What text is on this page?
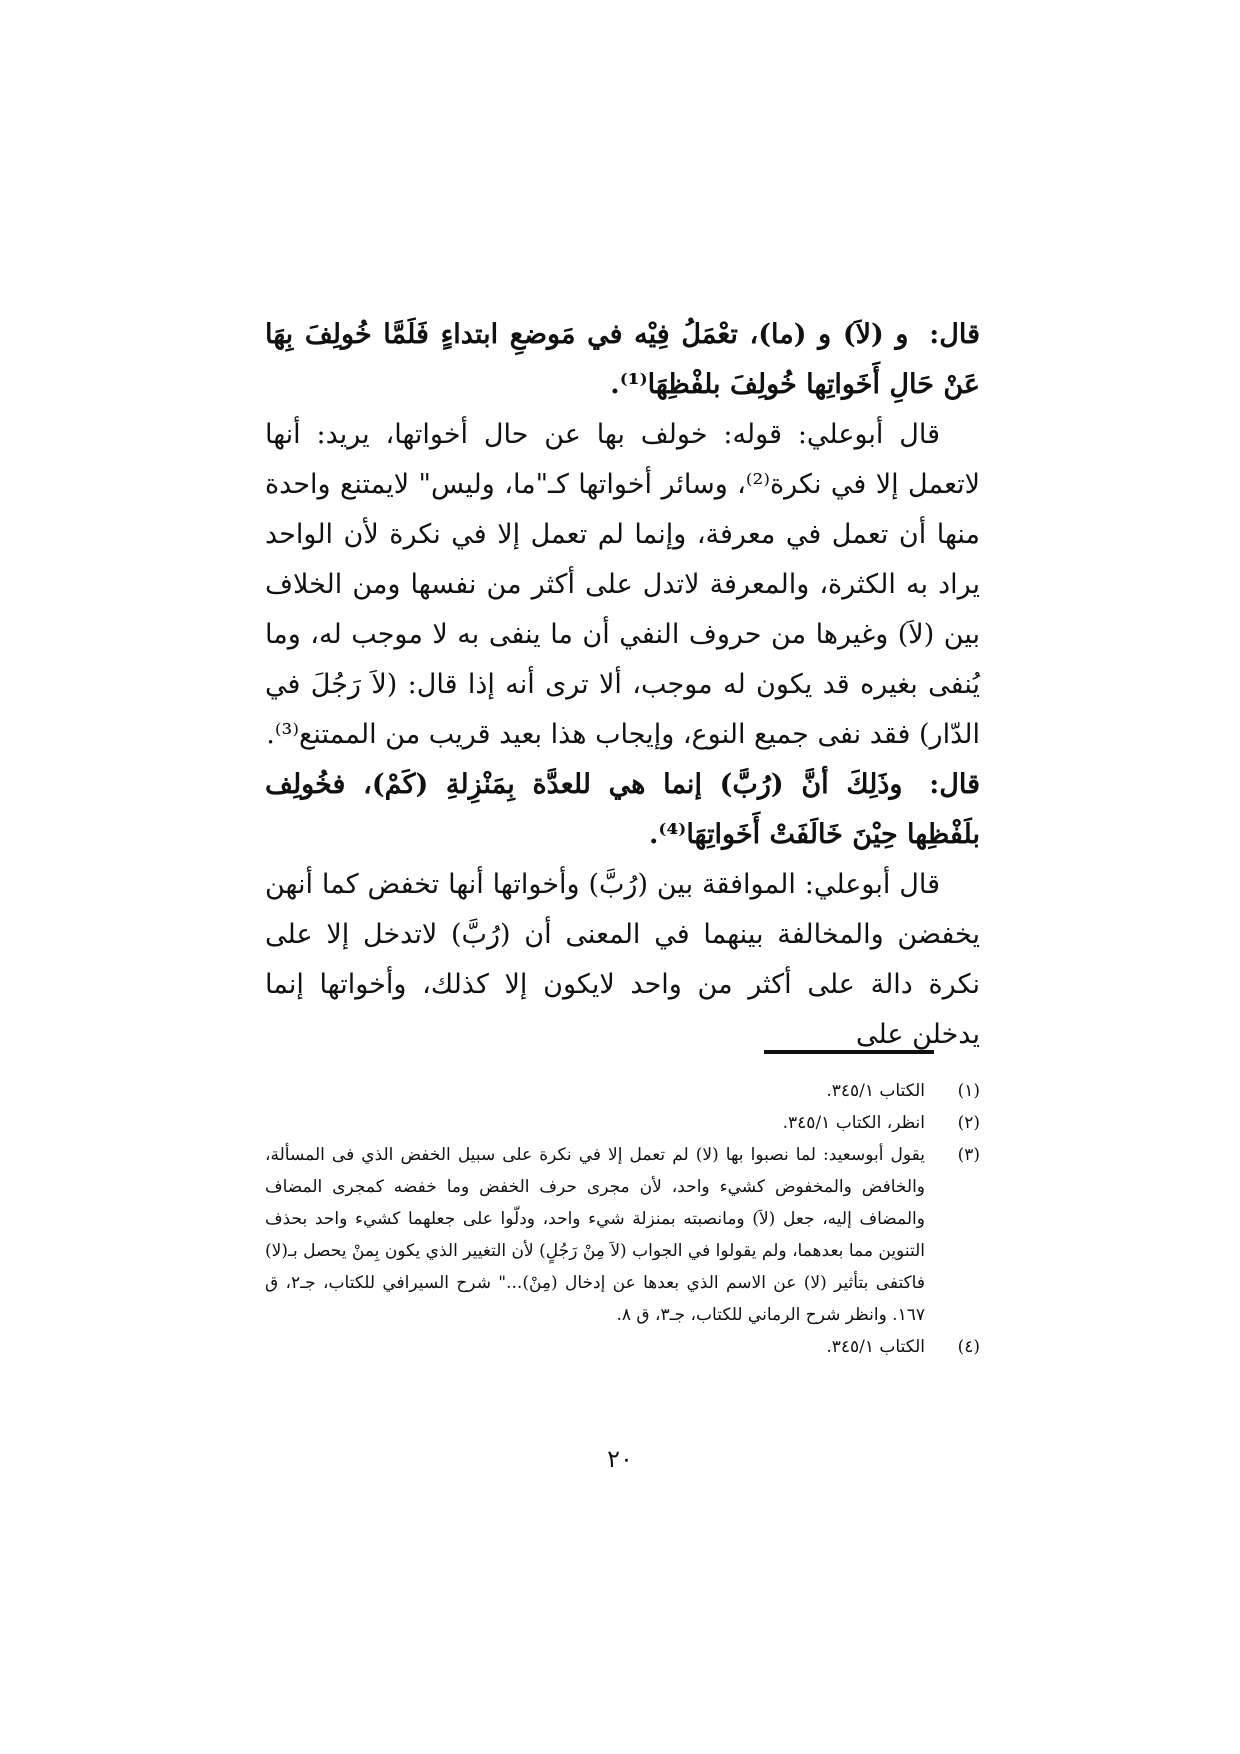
قال: و (لاَ) و (ما)، تعْمَلُ فِيْه في مَوضعِ ابتداءٍ فَلَمَّا خُولِفَ بِهَا عَنْ حَالِ أَخَواتِها خُولِفَ بلفْظِهَا⁽¹⁾.

قال أبوعلي: قوله: خولف بها عن حال أخواتها، يريد: أنها لاتعمل إلا في نكرة⁽²⁾، وسائر أخواتها كـ"ما، وليس" لايمتنع واحدة منها أن تعمل في معرفة، وإنما لم تعمل إلا في نكرة لأن الواحد يراد به الكثرة، والمعرفة لاتدل على أكثر من نفسها ومن الخلاف بين (لاَ) وغيرها من حروف النفي أن ما ينفى به لا موجب له، وما يُنفى بغيره قد يكون له موجب، ألا ترى أنه إذا قال: (لاَ رَجُلَ في الدّار) فقد نفى جميع النوع، وإيجاب هذا بعيد قريب من الممتنع⁽³⁾.

قال: وذَلِكَ أنَّ (رُبَّ) إنما هي للعدَّة بِمَنْزِلةِ (كَمْ)، فخُولِف بلَفْظِها حِيْنَ خَالَفَتْ أَخَواتِهَا⁽⁴⁾.

قال أبوعلي: الموافقة بين (رُبَّ) وأخواتها أنها تخفض كما أنهن يخفضن والمخالفة بينهما في المعنى أن (رُبَّ) لاتدخل إلا على نكرة دالة على أكثر من واحد لايكون إلا كذلك، وأخواتها إنما يدخلن على

(١)
الكتاب ٣٤٥/١.
(٢)
انظر، الكتاب ٣٤٥/١.
(٣)
يقول أبوسعيد: لما نصبوا بها (لا) لم تعمل إلا في نكرة على سبيل الخفض الذي فى المسألة، والخافض والمخفوض كشيء واحد، لأن مجرى حرف الخفض وما خفضه كمجرى المضاف والمضاف إليه، جعل (لاَ) ومانصبته بمنزلة شيء واحد، ودلّوا على جعلهما كشيء واحد بحذف التنوين مما بعدهما، ولم يقولوا في الجواب (لاَ مِنْ رَجُلٍ) لأن التغيير الذي يكون بِمنْ يحصل بـ(لا) فاكتفى بتأثير (لا) عن الاسم الذي بعدها عن إدخال (مِنْ)..." شرح السيرافي للكتاب، جـ٢، ق ١٦٧. وانظر شرح الرماني للكتاب، جـ٣، ق ٨.
(٤)
الكتاب ٣٤٥/١.
٢٠
